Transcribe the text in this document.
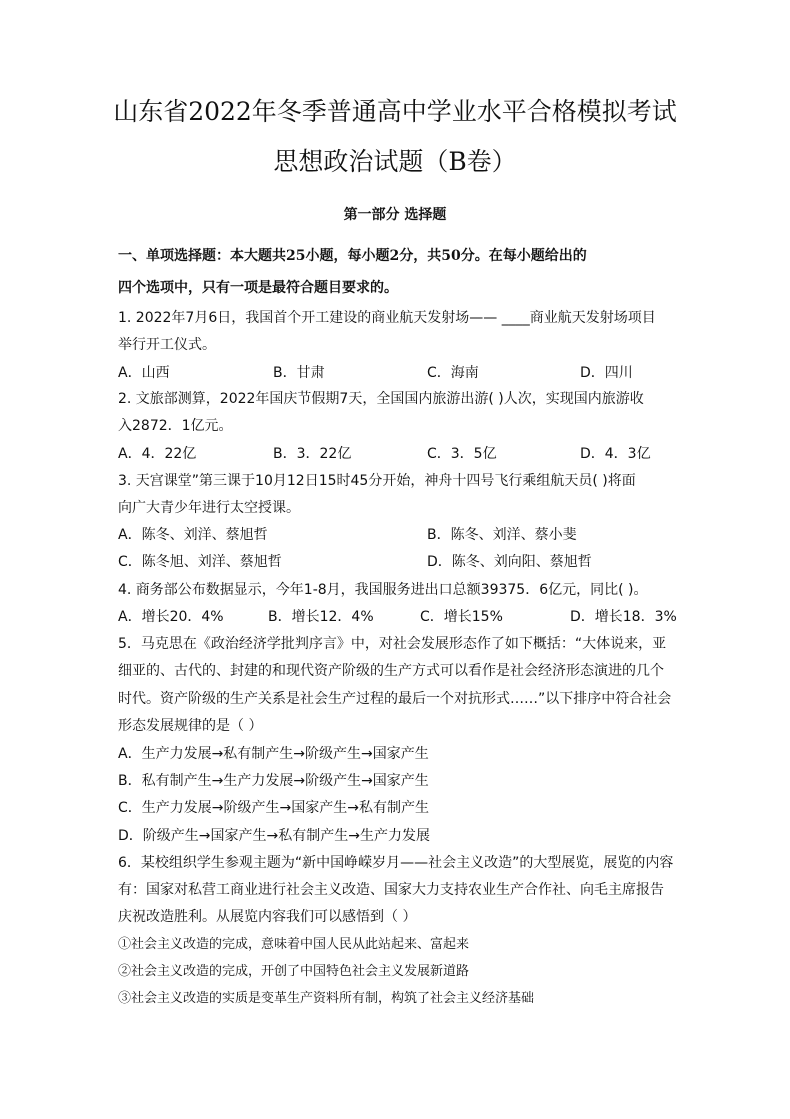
山东省2022年冬季普通高中学业水平合格模拟考试
思想政治试题（B卷）
第一部分 选择题
一、单项选择题：本大题共25小题，每小题2分，共50分。在每小题给出的
四个选项中，只有一项是最符合题目要求的。
1. 2022年7月6日，我国首个开工建设的商业航天发射场—— ____商业航天发射场项目
举行开工仪式。
A．山西	B．甘肃	C．海南	D．四川
2. 文旅部测算，2022年国庆节假期7天，全国国内旅游出游( )人次，实现国内旅游收
入2872．1亿元。
A．4．22亿	B．3．22亿	C．3．5亿	D．4．3亿
3. 天宫课堂”第三课于10月12日15时45分开始，神舟十四号飞行乘组航天员( )将面
向广大青少年进行太空授课。
A．陈冬、刘洋、蔡旭哲	B．陈冬、刘洋、蔡小斐
C．陈冬旭、刘洋、蔡旭哲	D．陈冬、刘向阳、蔡旭哲
4. 商务部公布数据显示，今年1-8月，我国服务进出口总额39375．6亿元，同比( )。
A．增长20．4%	B．增长12．4%	C．增长15%	D．增长18．3%
5．马克思在《政治经济学批判序言》中，对社会发展形态作了如下概括：“大体说来，亚
细亚的、古代的、封建的和现代资产阶级的生产方式可以看作是社会经济形态演进的几个
时代。资产阶级的生产关系是社会生产过程的最后一个对抗形式……”以下排序中符合社会
形态发展规律的是（ ）
A．生产力发展→私有制产生→阶级产生→国家产生
B．私有制产生→生产力发展→阶级产生→国家产生
C．生产力发展→阶级产生→国家产生→私有制产生
D．阶级产生→国家产生→私有制产生→生产力发展
6．某校组织学生参观主题为“新中国峥嵘岁月——社会主义改造”的大型展览，展览的内容
有：国家对私营工商业进行社会主义改造、国家大力支持农业生产合作社、向毛主席报告
庆祝改造胜利。从展览内容我们可以感悟到（ ）
①社会主义改造的完成，意味着中国人民从此站起来、富起来
②社会主义改造的完成，开创了中国特色社会主义发展新道路
③社会主义改造的实质是变革生产资料所有制，构筑了社会主义经济基础
